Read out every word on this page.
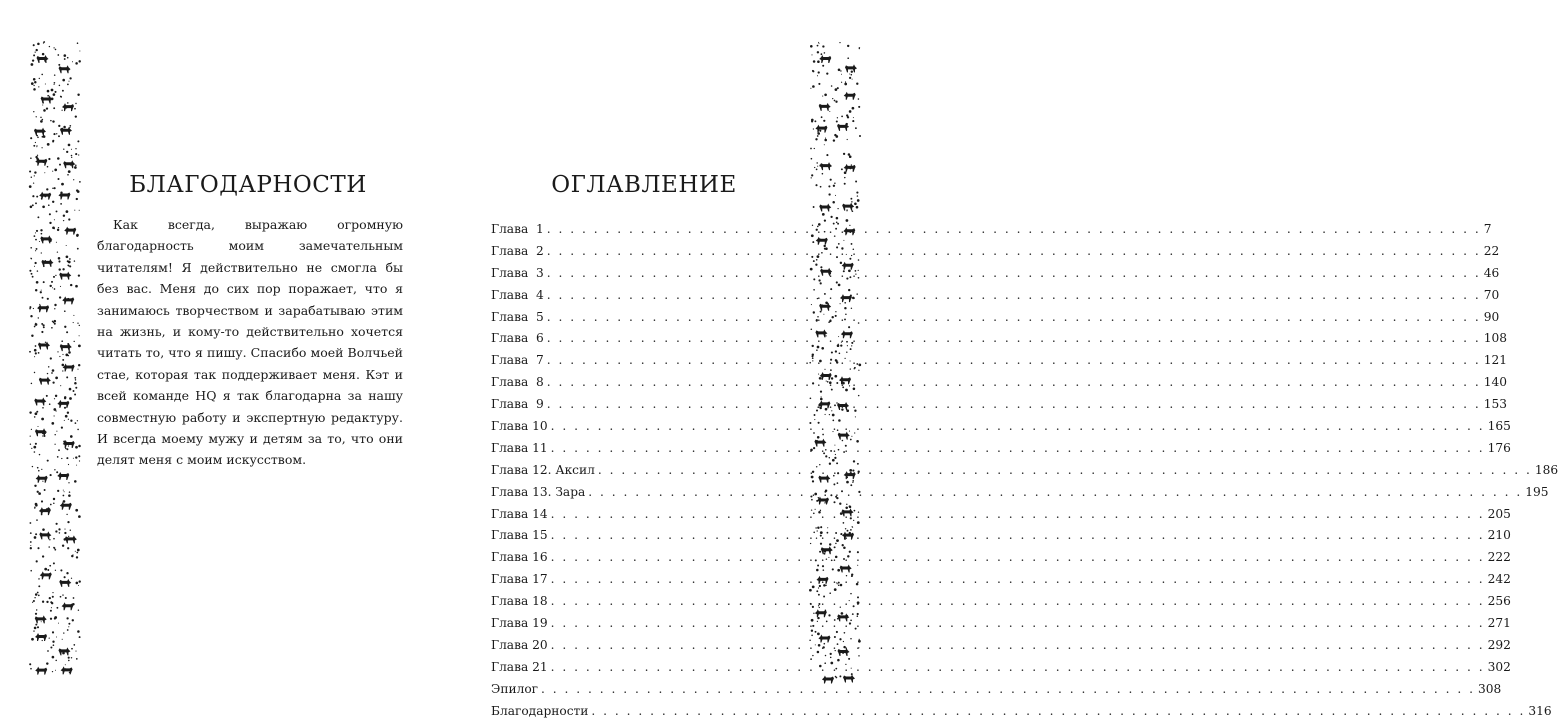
БЛАГОДАРНОСТИ

Как всегда, выражаю огромную благодарность моим замечательным читателям! Я действительно не смогла бы без вас. Меня до сих пор поражает, что я занимаюсь творчеством и зарабатываю этим на жизнь, и кому-то действительно хочется читать то, что я пишу. Спасибо моей Волчьей стае, которая так поддерживает меня. Кэт и всей команде HQ я так благодарна за нашу совместную работу и экспертную редактуру. И всегда моему мужу и детям за то, что они делят меня с моим искусством.

ОГЛАВЛЕНИЕ
Глава  1 . . . . . . . . . . . . . . . . . . . . . . . . . . . . . . . . . . . . . . . . . . . . . . . . . . . . . . . . . . . . . . . . . . . . . . . . . . . . . . . . 7
Глава  2 . . . . . . . . . . . . . . . . . . . . . . . . . . . . . . . . . . . . . . . . . . . . . . . . . . . . . . . . . . . . . . . . . . . . . . . . . . . . . . . . 22
Глава  3 . . . . . . . . . . . . . . . . . . . . . . . . . . . . . . . . . . . . . . . . . . . . . . . . . . . . . . . . . . . . . . . . . . . . . . . . . . . . . . . . 46
Глава  4 . . . . . . . . . . . . . . . . . . . . . . . . . . . . . . . . . . . . . . . . . . . . . . . . . . . . . . . . . . . . . . . . . . . . . . . . . . . . . . . . 70
Глава  5 . . . . . . . . . . . . . . . . . . . . . . . . . . . . . . . . . . . . . . . . . . . . . . . . . . . . . . . . . . . . . . . . . . . . . . . . . . . . . . . . 90
Глава  6 . . . . . . . . . . . . . . . . . . . . . . . . . . . . . . . . . . . . . . . . . . . . . . . . . . . . . . . . . . . . . . . . . . . . . . . . . . . . . . . . 108
Глава  7 . . . . . . . . . . . . . . . . . . . . . . . . . . . . . . . . . . . . . . . . . . . . . . . . . . . . . . . . . . . . . . . . . . . . . . . . . . . . . . . . 121
Глава  8 . . . . . . . . . . . . . . . . . . . . . . . . . . . . . . . . . . . . . . . . . . . . . . . . . . . . . . . . . . . . . . . . . . . . . . . . . . . . . . . . 140
Глава  9 . . . . . . . . . . . . . . . . . . . . . . . . . . . . . . . . . . . . . . . . . . . . . . . . . . . . . . . . . . . . . . . . . . . . . . . . . . . . . . . . 153
Глава 10 . . . . . . . . . . . . . . . . . . . . . . . . . . . . . . . . . . . . . . . . . . . . . . . . . . . . . . . . . . . . . . . . . . . . . . . . . . . . . . . . 165
Глава 11 . . . . . . . . . . . . . . . . . . . . . . . . . . . . . . . . . . . . . . . . . . . . . . . . . . . . . . . . . . . . . . . . . . . . . . . . . . . . . . . . 176
Глава 12. Аксил . . . . . . . . . . . . . . . . . . . . . . . . . . . . . . . . . . . . . . . . . . . . . . . . . . . . . . . . . . . . . . . . . . . . . . . . . . . . . . . . 186
Глава 13. Зара . . . . . . . . . . . . . . . . . . . . . . . . . . . . . . . . . . . . . . . . . . . . . . . . . . . . . . . . . . . . . . . . . . . . . . . . . . . . . . . . 195
Глава 14 . . . . . . . . . . . . . . . . . . . . . . . . . . . . . . . . . . . . . . . . . . . . . . . . . . . . . . . . . . . . . . . . . . . . . . . . . . . . . . . . 205
Глава 15 . . . . . . . . . . . . . . . . . . . . . . . . . . . . . . . . . . . . . . . . . . . . . . . . . . . . . . . . . . . . . . . . . . . . . . . . . . . . . . . . 210
Глава 16 . . . . . . . . . . . . . . . . . . . . . . . . . . . . . . . . . . . . . . . . . . . . . . . . . . . . . . . . . . . . . . . . . . . . . . . . . . . . . . . . 222
Глава 17 . . . . . . . . . . . . . . . . . . . . . . . . . . . . . . . . . . . . . . . . . . . . . . . . . . . . . . . . . . . . . . . . . . . . . . . . . . . . . . . . 242
Глава 18 . . . . . . . . . . . . . . . . . . . . . . . . . . . . . . . . . . . . . . . . . . . . . . . . . . . . . . . . . . . . . . . . . . . . . . . . . . . . . . . . 256
Глава 19 . . . . . . . . . . . . . . . . . . . . . . . . . . . . . . . . . . . . . . . . . . . . . . . . . . . . . . . . . . . . . . . . . . . . . . . . . . . . . . . . 271
Глава 20 . . . . . . . . . . . . . . . . . . . . . . . . . . . . . . . . . . . . . . . . . . . . . . . . . . . . . . . . . . . . . . . . . . . . . . . . . . . . . . . . 292
Глава 21 . . . . . . . . . . . . . . . . . . . . . . . . . . . . . . . . . . . . . . . . . . . . . . . . . . . . . . . . . . . . . . . . . . . . . . . . . . . . . . . . 302
Эпилог . . . . . . . . . . . . . . . . . . . . . . . . . . . . . . . . . . . . . . . . . . . . . . . . . . . . . . . . . . . . . . . . . . . . . . . . . . . . . . . . 308
Благодарности . . . . . . . . . . . . . . . . . . . . . . . . . . . . . . . . . . . . . . . . . . . . . . . . . . . . . . . . . . . . . . . . . . . . . . . . . . . . . . . . 316
